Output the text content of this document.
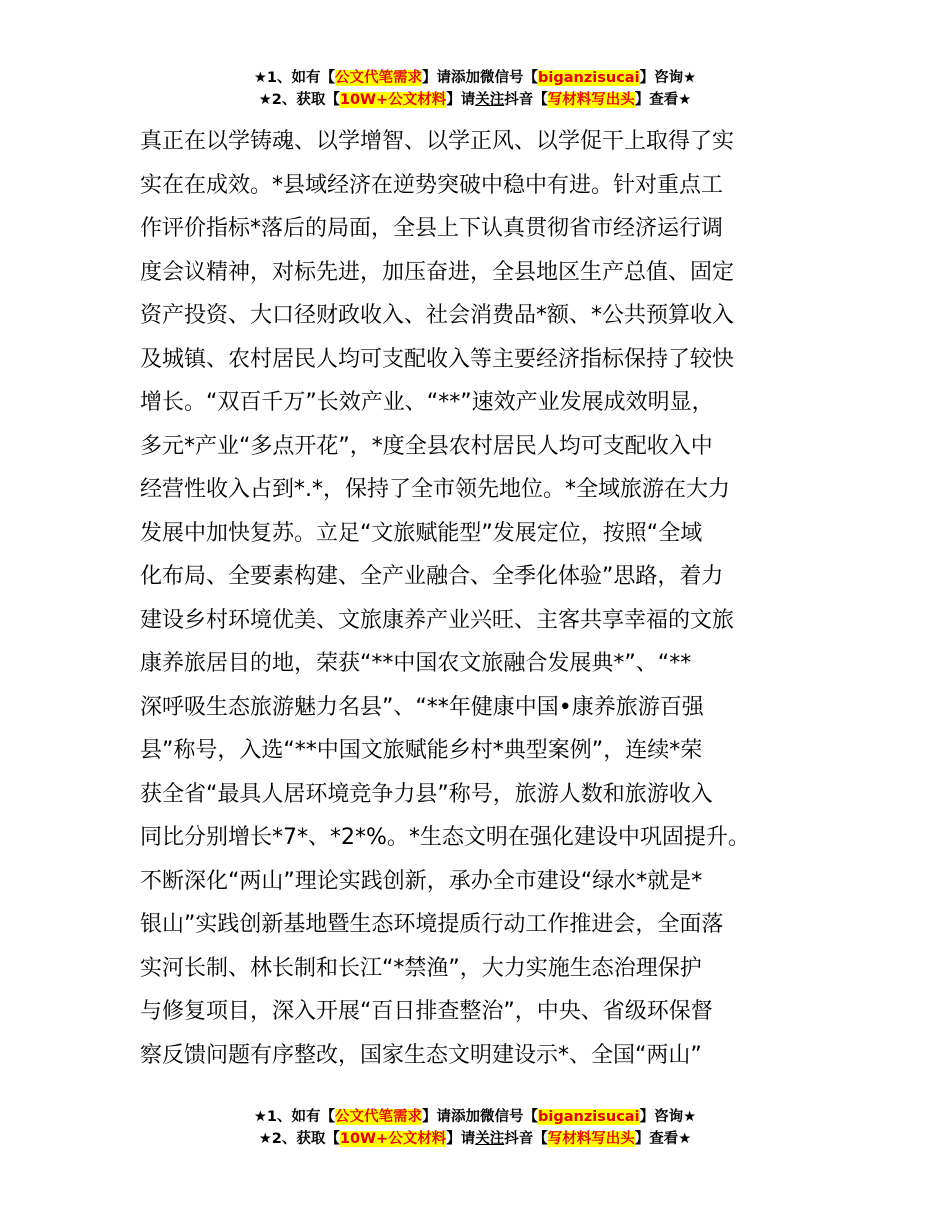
★1、如有【公文代笔需求】请添加微信号【biganzisucai】咨询★
★2、获取【10W+公文材料】请关注抖音【写材料写出头】查看★
真正在以学铸魂、以学增智、以学正风、以学促干上取得了实
实在在成效。*县域经济在逆势突破中稳中有进。针对重点工
作评价指标*落后的局面，全县上下认真贯彻省市经济运行调
度会议精神，对标先进，加压奋进，全县地区生产总值、固定
资产投资、大口径财政收入、社会消费品*额、*公共预算收入
及城镇、农村居民人均可支配收入等主要经济指标保持了较快
增长。“双百千万”长效产业、“**”速效产业发展成效明显，
多元*产业“多点开花”，*度全县农村居民人均可支配收入中
经营性收入占到*.*，保持了全市领先地位。*全域旅游在大力
发展中加快复苏。立足“文旅赋能型”发展定位，按照“全域
化布局、全要素构建、全产业融合、全季化体验”思路，着力
建设乡村环境优美、文旅康养产业兴旺、主客共享幸福的文旅
康养旅居目的地，荣获“**中国农文旅融合发展典*”、“**
深呼吸生态旅游魅力名县”、“**年健康中国•康养旅游百强
县”称号，入选“**中国文旅赋能乡村*典型案例”，连续*荣
获全省“最具人居环境竞争力县”称号，旅游人数和旅游收入
同比分别增长*7*、*2*%。*生态文明在强化建设中巩固提升。
不断深化“两山”理论实践创新，承办全市建设“绿水*就是*
银山”实践创新基地暨生态环境提质行动工作推进会，全面落
实河长制、林长制和长江“*禁渔”，大力实施生态治理保护
与修复项目，深入开展“百日排查整治”，中央、省级环保督
察反馈问题有序整改，国家生态文明建设示*、全国“两山”
★1、如有【公文代笔需求】请添加微信号【biganzisucai】咨询★
★2、获取【10W+公文材料】请关注抖音【写材料写出头】查看★
